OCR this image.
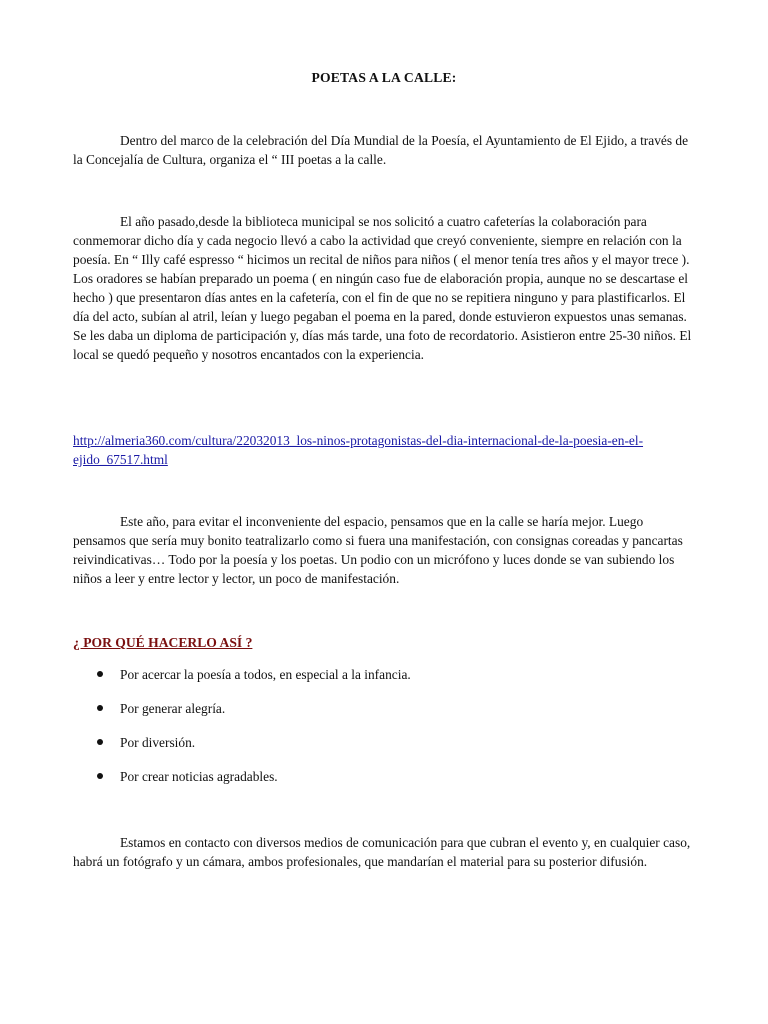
POETAS A LA CALLE:

Dentro del marco de la celebración del Día Mundial de la Poesía, el Ayuntamiento de El Ejido, a través de la Concejalía de Cultura, organiza el “ III poetas a la calle.

El año pasado,desde la biblioteca municipal se nos solicitó a cuatro cafeterías la colaboración para conmemorar dicho día y cada negocio llevó a cabo la actividad que creyó conveniente, siempre en relación con la poesía. En “ Illy café espresso “ hicimos un recital de niños para niños ( el menor tenía tres años y el mayor trece ). Los oradores se habían preparado un poema ( en ningún caso fue de elaboración propia, aunque no se descartase el hecho ) que presentaron días antes en la cafetería, con el fin de que no se repitiera ninguno y para plastificarlos. El día del acto, subían al atril, leían y luego pegaban el poema en la pared, donde estuvieron expuestos unas semanas. Se les daba un diploma de participación y, días más tarde, una foto de recordatorio. Asistieron entre 25-30 niños. El local se quedó pequeño y nosotros encantados con la experiencia.

http://almeria360.com/cultura/22032013_los-ninos-protagonistas-del-dia-internacional-de-la-poesia-en-el-ejido_67517.html

Este año, para evitar el inconveniente del espacio, pensamos que en la calle se haría mejor. Luego pensamos que sería muy bonito teatralizarlo como si fuera una manifestación, con consignas coreadas y pancartas reivindicativas… Todo por la poesía y los poetas. Un podio con un micrófono y luces donde se van subiendo los niños a leer y entre lector y lector, un poco de manifestación.

¿ POR QUÉ HACERLO ASÍ ?
Por acercar la poesía a todos, en especial a la infancia.
Por generar alegría.
Por diversión.
Por crear noticias agradables.

Estamos en contacto con diversos medios de comunicación para que cubran el evento y, en cualquier caso, habrá un fotógrafo y un cámara, ambos profesionales, que mandarían el material para su posterior difusión.
